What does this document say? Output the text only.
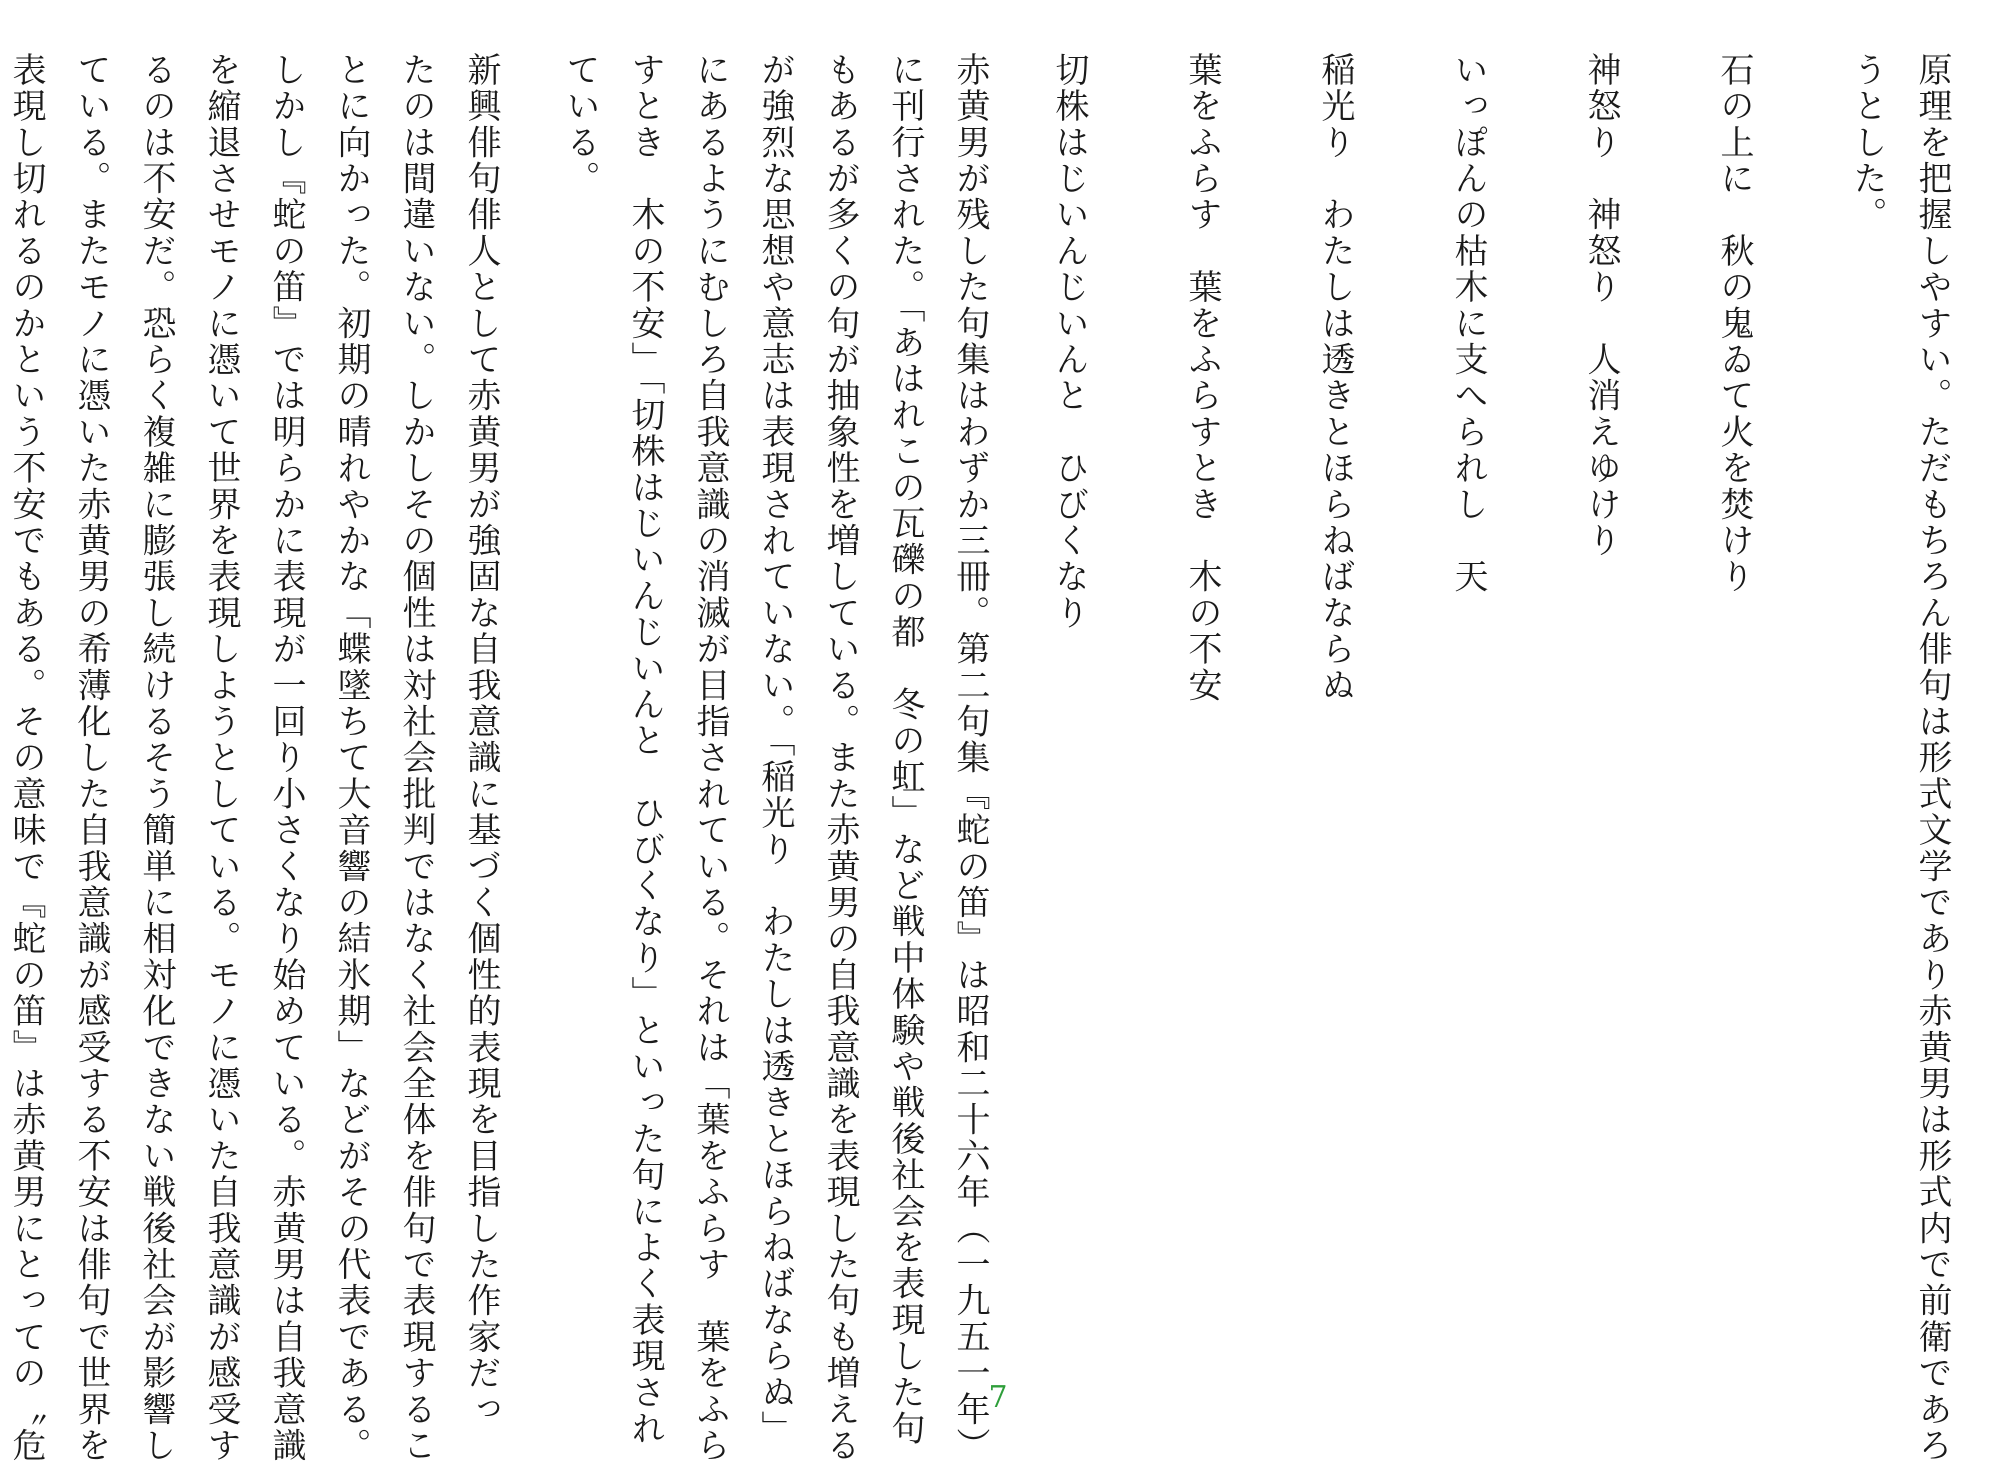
原理を把握しやすい。ただもちろん俳句は形式文学であり赤黄男は形式内で前衛であろ
うとした。
石の上に　秋の鬼ゐて火を焚けり
神怒り　神怒り　人消えゆけり
いっぽんの枯木に支へられし　天
稲光り　わたしは透きとほらねばならぬ
葉をふらす　葉をふらすとき　木の不安
切株はじいんじいんと　ひびくなり
赤黄男が残した句集はわずか三冊。第二句集『蛇の笛』は昭和二十六年（一九五一年）
に刊行された。「あはれこの瓦礫の都　冬の虹」など戦中体験や戦後社会を表現した句
もあるが多くの句が抽象性を増している。また赤黄男の自我意識を表現した句も増える
が強烈な思想や意志は表現されていない。「稲光り　わたしは透きとほらねばならぬ」
にあるようにむしろ自我意識の消滅が目指されている。それは「葉をふらす　葉をふら
すとき　木の不安」「切株はじいんじいんと　ひびくなり」といった句によく表現され
ている。
新興俳句俳人として赤黄男が強固な自我意識に基づく個性的表現を目指した作家だっ
たのは間違いない。しかしその個性は対社会批判ではなく社会全体を俳句で表現するこ
とに向かった。初期の晴れやかな「蝶墜ちて大音響の結氷期」などがその代表である。
しかし『蛇の笛』では明らかに表現が一回り小さくなり始めている。赤黄男は自我意識
を縮退させモノに憑いて世界を表現しようとしている。モノに憑いた自我意識が感受す
るのは不安だ。恐らく複雑に膨張し続けるそう簡単に相対化できない戦後社会が影響し
ている。またモノに憑いた赤黄男の希薄化した自我意識が感受する不安は俳句で世界を
表現し切れるのかという不安でもある。その意味で『蛇の笛』は赤黄男にとっての〝危	7
